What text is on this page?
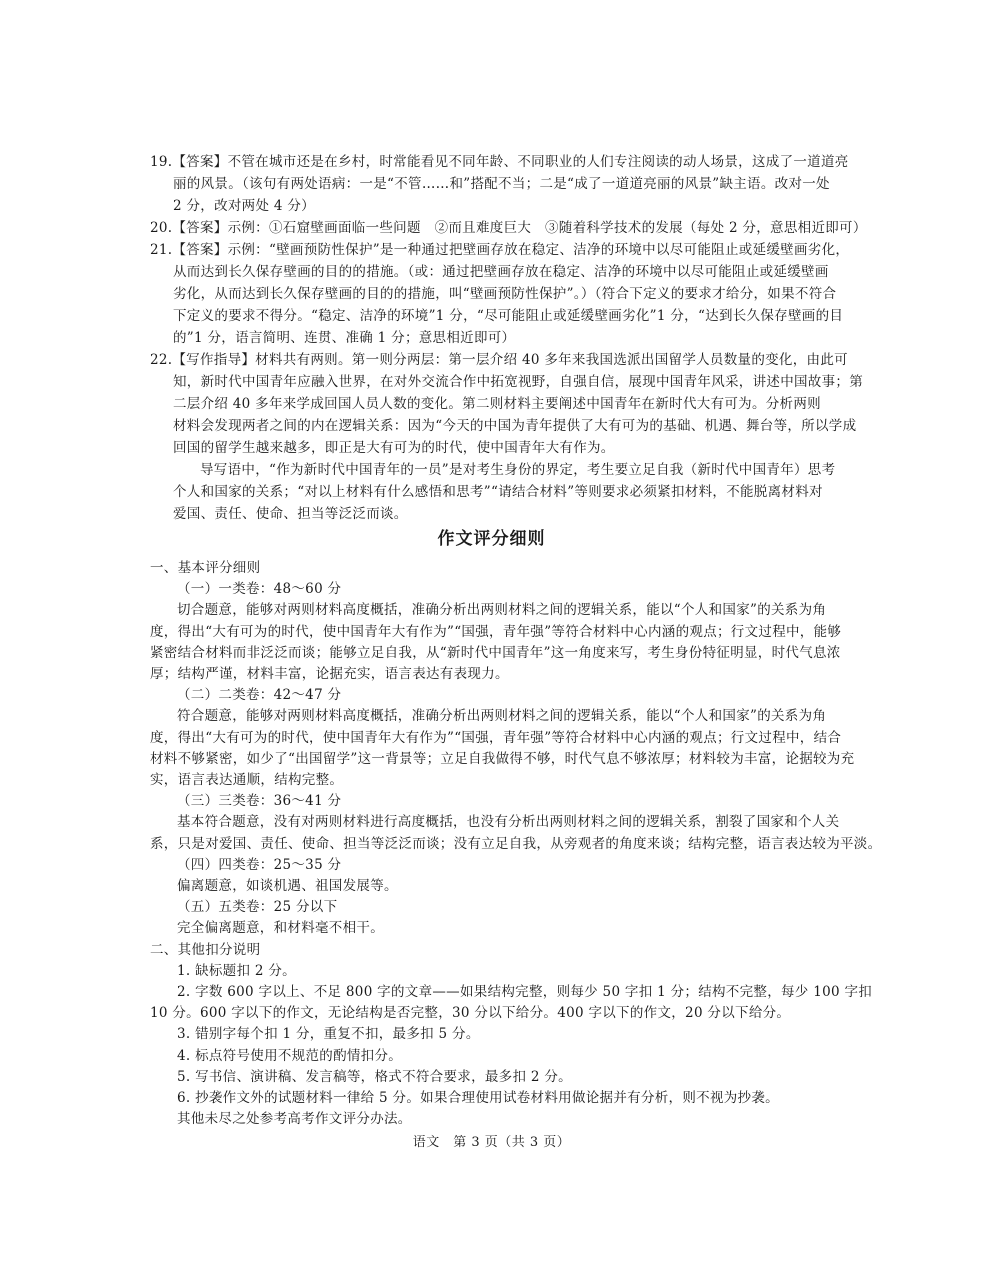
19.【答案】不管在城市还是在乡村，时常能看见不同年龄、不同职业的人们专注阅读的动人场景，这成了一道道亮

丽的风景。（该句有两处语病：一是“不管……和”搭配不当；二是“成了一道道亮丽的风景”缺主语。改对一处

2 分，改对两处 4 分）

20.【答案】示例：①石窟壁画面临一些问题　②而且难度巨大　③随着科学技术的发展（每处 2 分，意思相近即可）

21.【答案】示例：“壁画预防性保护”是一种通过把壁画存放在稳定、洁净的环境中以尽可能阻止或延缓壁画劣化，

从而达到长久保存壁画的目的的措施。（或：通过把壁画存放在稳定、洁净的环境中以尽可能阻止或延缓壁画

劣化，从而达到长久保存壁画的目的的措施，叫“壁画预防性保护”。）（符合下定义的要求才给分，如果不符合

下定义的要求不得分。“稳定、洁净的环境”1 分，“尽可能阻止或延缓壁画劣化”1 分，“达到长久保存壁画的目

的”1 分，语言简明、连贯、准确 1 分；意思相近即可）

22.【写作指导】材料共有两则。第一则分两层：第一层介绍 40 多年来我国选派出国留学人员数量的变化，由此可

知，新时代中国青年应融入世界，在对外交流合作中拓宽视野，自强自信，展现中国青年风采，讲述中国故事；第

二层介绍 40 多年来学成回国人员人数的变化。第二则材料主要阐述中国青年在新时代大有可为。分析两则

材料会发现两者之间的内在逻辑关系：因为“今天的中国为青年提供了大有可为的基础、机遇、舞台等，所以学成

回国的留学生越来越多，即正是大有可为的时代，使中国青年大有作为。

导写语中，“作为新时代中国青年的一员”是对考生身份的界定，考生要立足自我（新时代中国青年）思考

个人和国家的关系；“对以上材料有什么感悟和思考”“请结合材料”等则要求必须紧扣材料，不能脱离材料对

爱国、责任、使命、担当等泛泛而谈。

作文评分细则

一、基本评分细则

（一）一类卷：48～60 分

切合题意，能够对两则材料高度概括，准确分析出两则材料之间的逻辑关系，能以“个人和国家”的关系为角

度，得出“大有可为的时代，使中国青年大有作为”“国强，青年强”等符合材料中心内涵的观点；行文过程中，能够

紧密结合材料而非泛泛而谈；能够立足自我，从“新时代中国青年”这一角度来写，考生身份特征明显，时代气息浓

厚；结构严谨，材料丰富，论据充实，语言表达有表现力。

（二）二类卷：42～47 分

符合题意，能够对两则材料高度概括，准确分析出两则材料之间的逻辑关系，能以“个人和国家”的关系为角

度，得出“大有可为的时代，使中国青年大有作为”“国强，青年强”等符合材料中心内涵的观点；行文过程中，结合

材料不够紧密，如少了“出国留学”这一背景等；立足自我做得不够，时代气息不够浓厚；材料较为丰富，论据较为充

实，语言表达通顺，结构完整。

（三）三类卷：36～41 分

基本符合题意，没有对两则材料进行高度概括，也没有分析出两则材料之间的逻辑关系，割裂了国家和个人关

系，只是对爱国、责任、使命、担当等泛泛而谈；没有立足自我，从旁观者的角度来谈；结构完整，语言表达较为平淡。

（四）四类卷：25～35 分

偏离题意，如谈机遇、祖国发展等。

（五）五类卷：25 分以下

完全偏离题意，和材料毫不相干。

二、其他扣分说明

1. 缺标题扣 2 分。

2. 字数 600 字以上、不足 800 字的文章——如果结构完整，则每少 50 字扣 1 分；结构不完整，每少 100 字扣

10 分。600 字以下的作文，无论结构是否完整，30 分以下给分。400 字以下的作文，20 分以下给分。

3. 错别字每个扣 1 分，重复不扣，最多扣 5 分。

4. 标点符号使用不规范的酌情扣分。

5. 写书信、演讲稿、发言稿等，格式不符合要求，最多扣 2 分。

6. 抄袭作文外的试题材料一律给 5 分。如果合理使用试卷材料用做论据并有分析，则不视为抄袭。

其他未尽之处参考高考作文评分办法。

语文　第 3 页（共 3 页）
